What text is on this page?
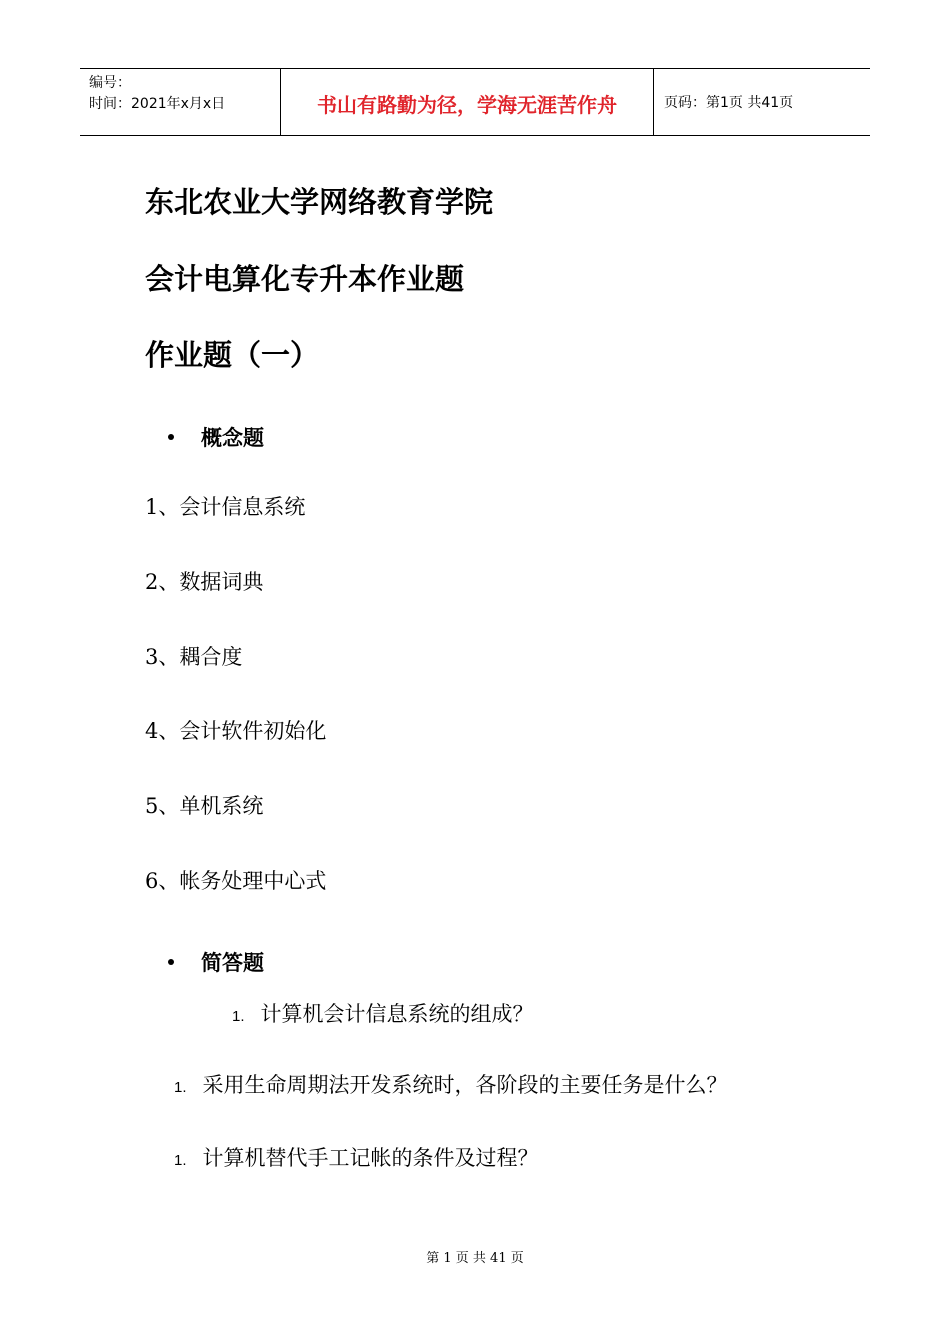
编号：
时间：2021年x月x日	书山有路勤为径，学海无涯苦作舟	页码：第1页 共41页
东北农业大学网络教育学院
会计电算化专升本作业题
作业题（一）
概念题
1、会计信息系统
2、数据词典
3、耦合度
4、会计软件初始化
5、单机系统
6、帐务处理中心式
简答题
1. 计算机会计信息系统的组成？
1. 采用生命周期法开发系统时，各阶段的主要任务是什么？
1. 计算机替代手工记帐的条件及过程？
第 1 页 共 41 页
